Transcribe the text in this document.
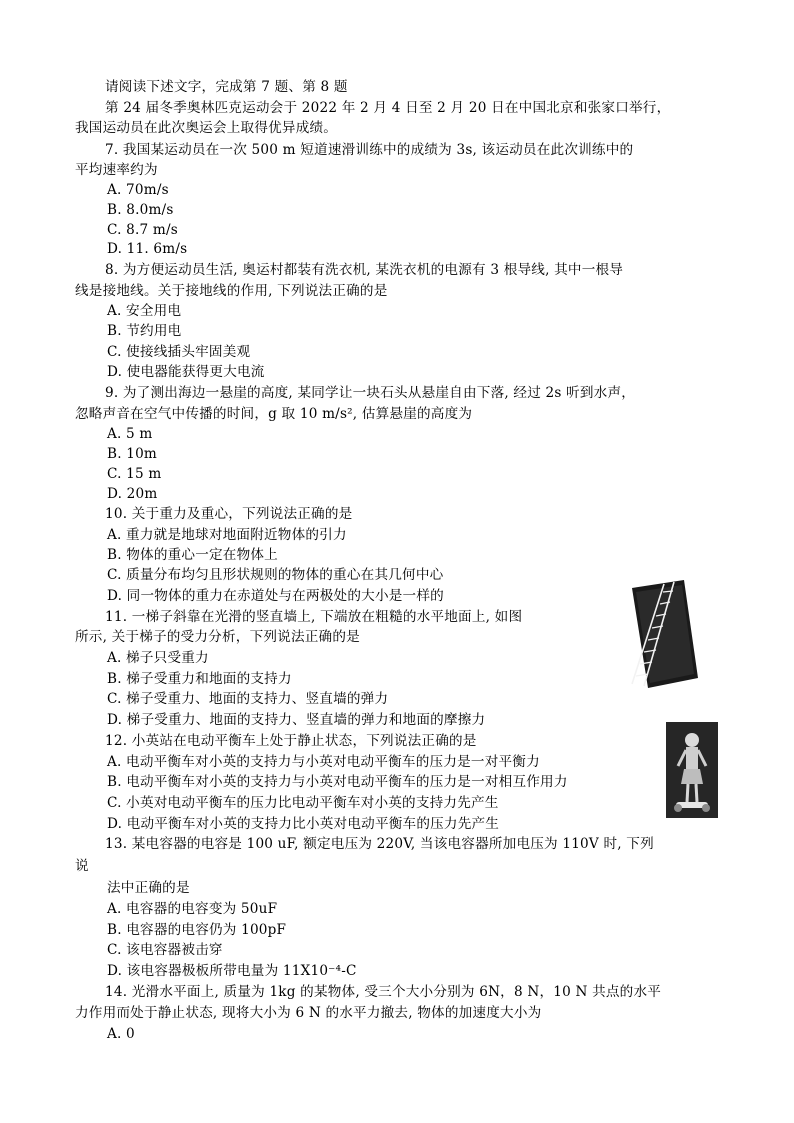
请阅读下述文字，完成第 7 题、第 8 题
第 24 届冬季奥林匹克运动会于 2022 年 2 月 4 日至 2 月 20 日在中国北京和张家口举行，
我国运动员在此次奥运会上取得优异成绩。
7. 我国某运动员在一次 500 m 短道速滑训练中的成绩为 3s, 该运动员在此次训练中的
平均速率约为
A. 70m/s
B. 8.0m/s
C. 8.7 m/s
D. 11. 6m/s
8. 为方便运动员生活, 奥运村都装有洗衣机, 某洗衣机的电源有 3 根导线, 其中一根导
线是接地线。关于接地线的作用, 下列说法正确的是
A. 安全用电
B. 节约用电
C. 使接线插头牢固美观
D. 使电器能获得更大电流
9. 为了测出海边一悬崖的高度, 某同学让一块石头从悬崖自由下落, 经过 2s 听到水声，
忽略声音在空气中传播的时间，g 取 10 m/s², 估算悬崖的高度为
A. 5 m
B. 10m
C. 15 m
D. 20m
10. 关于重力及重心，下列说法正确的是
A. 重力就是地球对地面附近物体的引力
B. 物体的重心一定在物体上
C. 质量分布均匀且形状规则的物体的重心在其几何中心
D. 同一物体的重力在赤道处与在两极处的大小是一样的
11. 一梯子斜靠在光滑的竖直墙上, 下端放在粗糙的水平地面上, 如图
所示, 关于梯子的受力分析，下列说法正确的是
A. 梯子只受重力
B. 梯子受重力和地面的支持力
C. 梯子受重力、地面的支持力、竖直墙的弹力
D. 梯子受重力、地面的支持力、竖直墙的弹力和地面的摩擦力
12. 小英站在电动平衡车上处于静止状态，下列说法正确的是
A. 电动平衡车对小英的支持力与小英对电动平衡车的压力是一对平衡力
B. 电动平衡车对小英的支持力与小英对电动平衡车的压力是一对相互作用力
C. 小英对电动平衡车的压力比电动平衡车对小英的支持力先产生
D. 电动平衡车对小英的支持力比小英对电动平衡车的压力先产生
13. 某电容器的电容是 100 uF, 额定电压为 220V, 当该电容器所加电压为 110V 时, 下列
说
法中正确的是
A. 电容器的电容变为 50uF
B. 电容器的电容仍为 100pF
C. 该电容器被击穿
D. 该电容器极板所带电量为 11X10⁻⁴-C
14. 光滑水平面上, 质量为 1kg 的某物体, 受三个大小分别为 6N，8 N，10 N 共点的水平
力作用而处于静止状态, 现将大小为 6 N 的水平力撤去, 物体的加速度大小为
A. 0
